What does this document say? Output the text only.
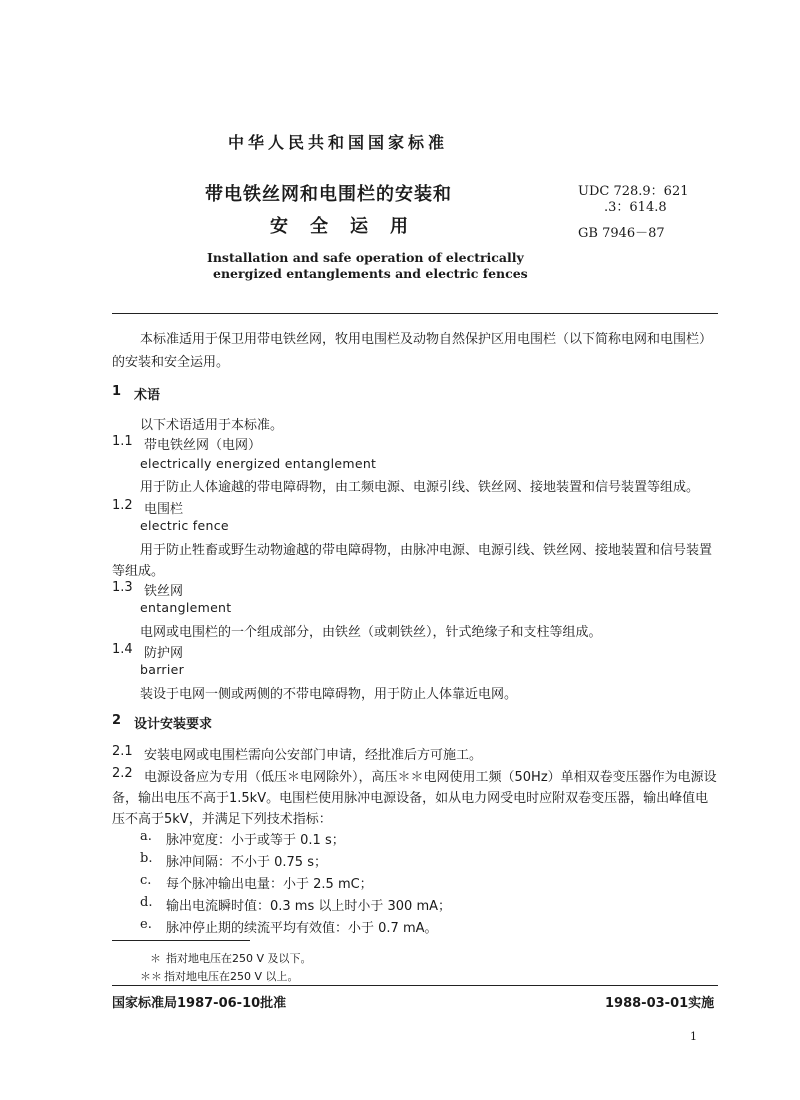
中华人民共和国国家标准
带电铁丝网和电围栏的安装和
安全运用
UDC 728.9：621
.3：614.8
GB 7946－87
Installation and safe operation of electrically
energized entanglements and electric fences
本标准适用于保卫用带电铁丝网，牧用电围栏及动物自然保护区用电围栏（以下简称电网和电围栏）的安装和安全运用。
1 术语
以下术语适用于本标准。
1.1 带电铁丝网（电网）
electrically energized entanglement
用于防止人体逾越的带电障碍物，由工频电源、电源引线、铁丝网、接地装置和信号装置等组成。
1.2 电围栏
electric fence
用于防止牲畜或野生动物逾越的带电障碍物，由脉冲电源、电源引线、铁丝网、接地装置和信号装置
等组成。
1.3 铁丝网
entanglement
电网或电围栏的一个组成部分，由铁丝（或刺铁丝），针式绝缘子和支柱等组成。
1.4 防护网
barrier
装设于电网一侧或两侧的不带电障碍物，用于防止人体靠近电网。
2 设计安装要求
2.1 安装电网或电围栏需向公安部门申请，经批准后方可施工。
2.2 电源设备应为专用（低压＊电网除外），高压＊＊电网使用工频（50Hz）单相双卷变压器作为电源设
备，输出电压不高于1.5kV。电围栏使用脉冲电源设备，如从电力网受电时应附双卷变压器，输出峰值电
压不高于5kV，并满足下列技术指标：
a. 脉冲宽度：小于或等于 0.1 s；
b. 脉冲间隔：不小于 0.75 s；
c. 每个脉冲输出电量：小于 2.5 mC；
d. 输出电流瞬时值：0.3 ms 以上时小于 300 mA；
e. 脉冲停止期的续流平均有效值：小于 0.7 mA。
＊ 指对地电压在250 V 及以下。
＊＊ 指对地电压在250 V 以上。
国家标准局1987-06-10批准	1988-03-01实施
1
